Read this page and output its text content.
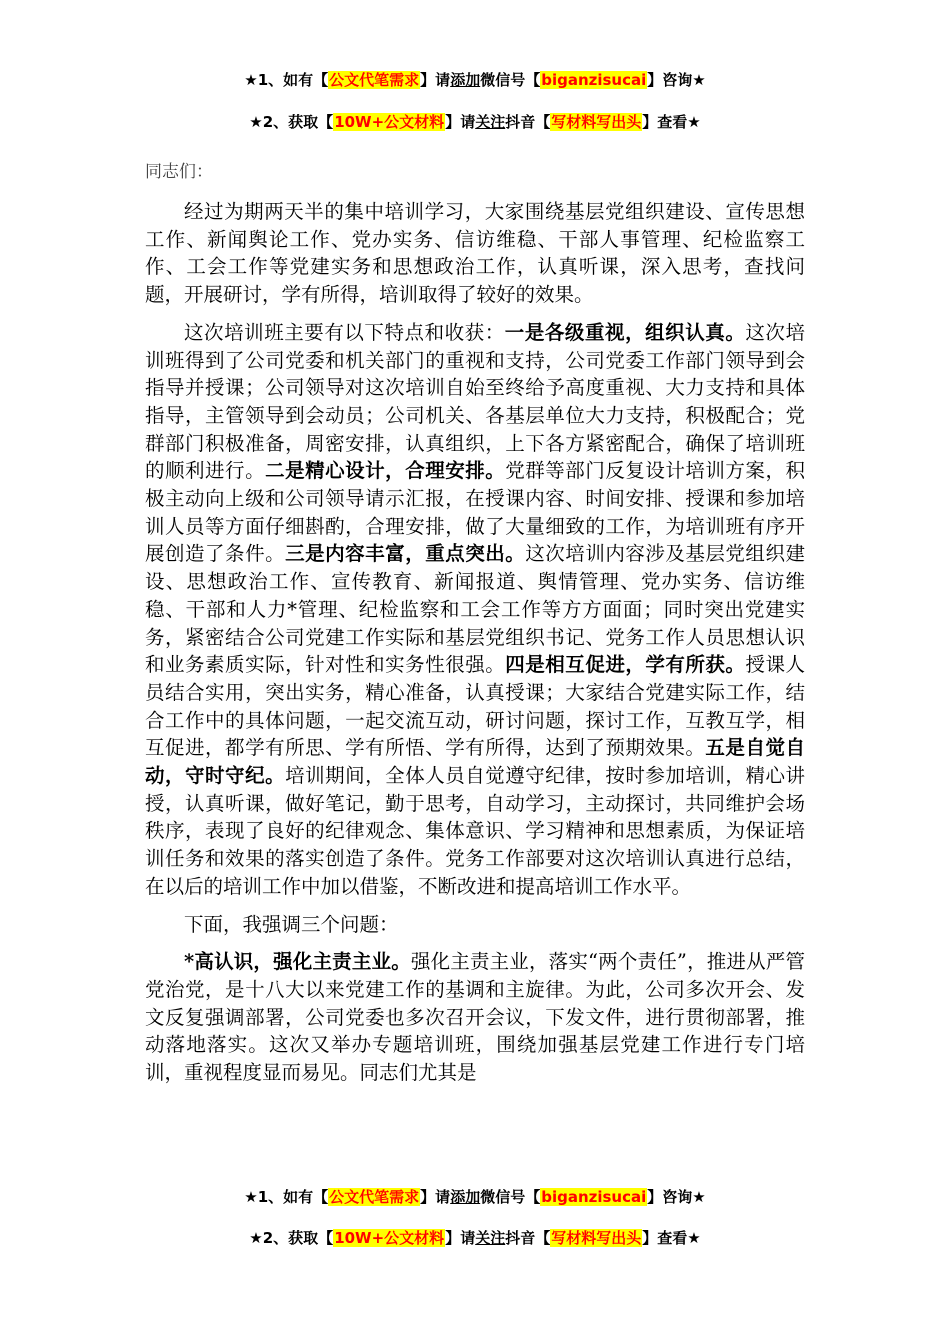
★1、如有【公文代笔需求】请添加微信号【biganzisucai】咨询★
★2、获取【10W+公文材料】请关注抖音【写材料写出头】查看★
同志们：

经过为期两天半的集中培训学习，大家围绕基层党组织建设、宣传思想工作、新闻舆论工作、党办实务、信访维稳、干部人事管理、纪检监察工作、工会工作等党建实务和思想政治工作，认真听课，深入思考，查找问题，开展研讨，学有所得，培训取得了较好的效果。

这次培训班主要有以下特点和收获：一是各级重视，组织认真。这次培训班得到了公司党委和机关部门的重视和支持，公司党委工作部门领导到会指导并授课；公司领导对这次培训自始至终给予高度重视、大力支持和具体指导，主管领导到会动员；公司机关、各基层单位大力支持，积极配合；党群部门积极准备，周密安排，认真组织，上下各方紧密配合，确保了培训班的顺利进行。二是精心设计，合理安排。党群等部门反复设计培训方案，积极主动向上级和公司领导请示汇报，在授课内容、时间安排、授课和参加培训人员等方面仔细斟酌，合理安排，做了大量细致的工作，为培训班有序开展创造了条件。三是内容丰富，重点突出。这次培训内容涉及基层党组织建设、思想政治工作、宣传教育、新闻报道、舆情管理、党办实务、信访维稳、干部和人力*管理、纪检监察和工会工作等方方面面；同时突出党建实务，紧密结合公司党建工作实际和基层党组织书记、党务工作人员思想认识和业务素质实际，针对性和实务性很强。四是相互促进，学有所获。授课人员结合实用，突出实务，精心准备，认真授课；大家结合党建实际工作，结合工作中的具体问题，一起交流互动，研讨问题，探讨工作，互教互学，相互促进，都学有所思、学有所悟、学有所得，达到了预期效果。五是自觉自动，守时守纪。培训期间，全体人员自觉遵守纪律，按时参加培训，精心讲授，认真听课，做好笔记，勤于思考，自动学习，主动探讨，共同维护会场秩序，表现了良好的纪律观念、集体意识、学习精神和思想素质，为保证培训任务和效果的落实创造了条件。党务工作部要对这次培训认真进行总结，在以后的培训工作中加以借鉴，不断改进和提高培训工作水平。

下面，我强调三个问题：

*高认识，强化主责主业。强化主责主业，落实“两个责任”，推进从严管党治党，是十八大以来党建工作的基调和主旋律。为此，公司多次开会、发文反复强调部署，公司党委也多次召开会议，下发文件，进行贯彻部署，推动落地落实。这次又举办专题培训班，围绕加强基层党建工作进行专门培训，重视程度显而易见。同志们尤其是

★1、如有【公文代笔需求】请添加微信号【biganzisucai】咨询★
★2、获取【10W+公文材料】请关注抖音【写材料写出头】查看★
